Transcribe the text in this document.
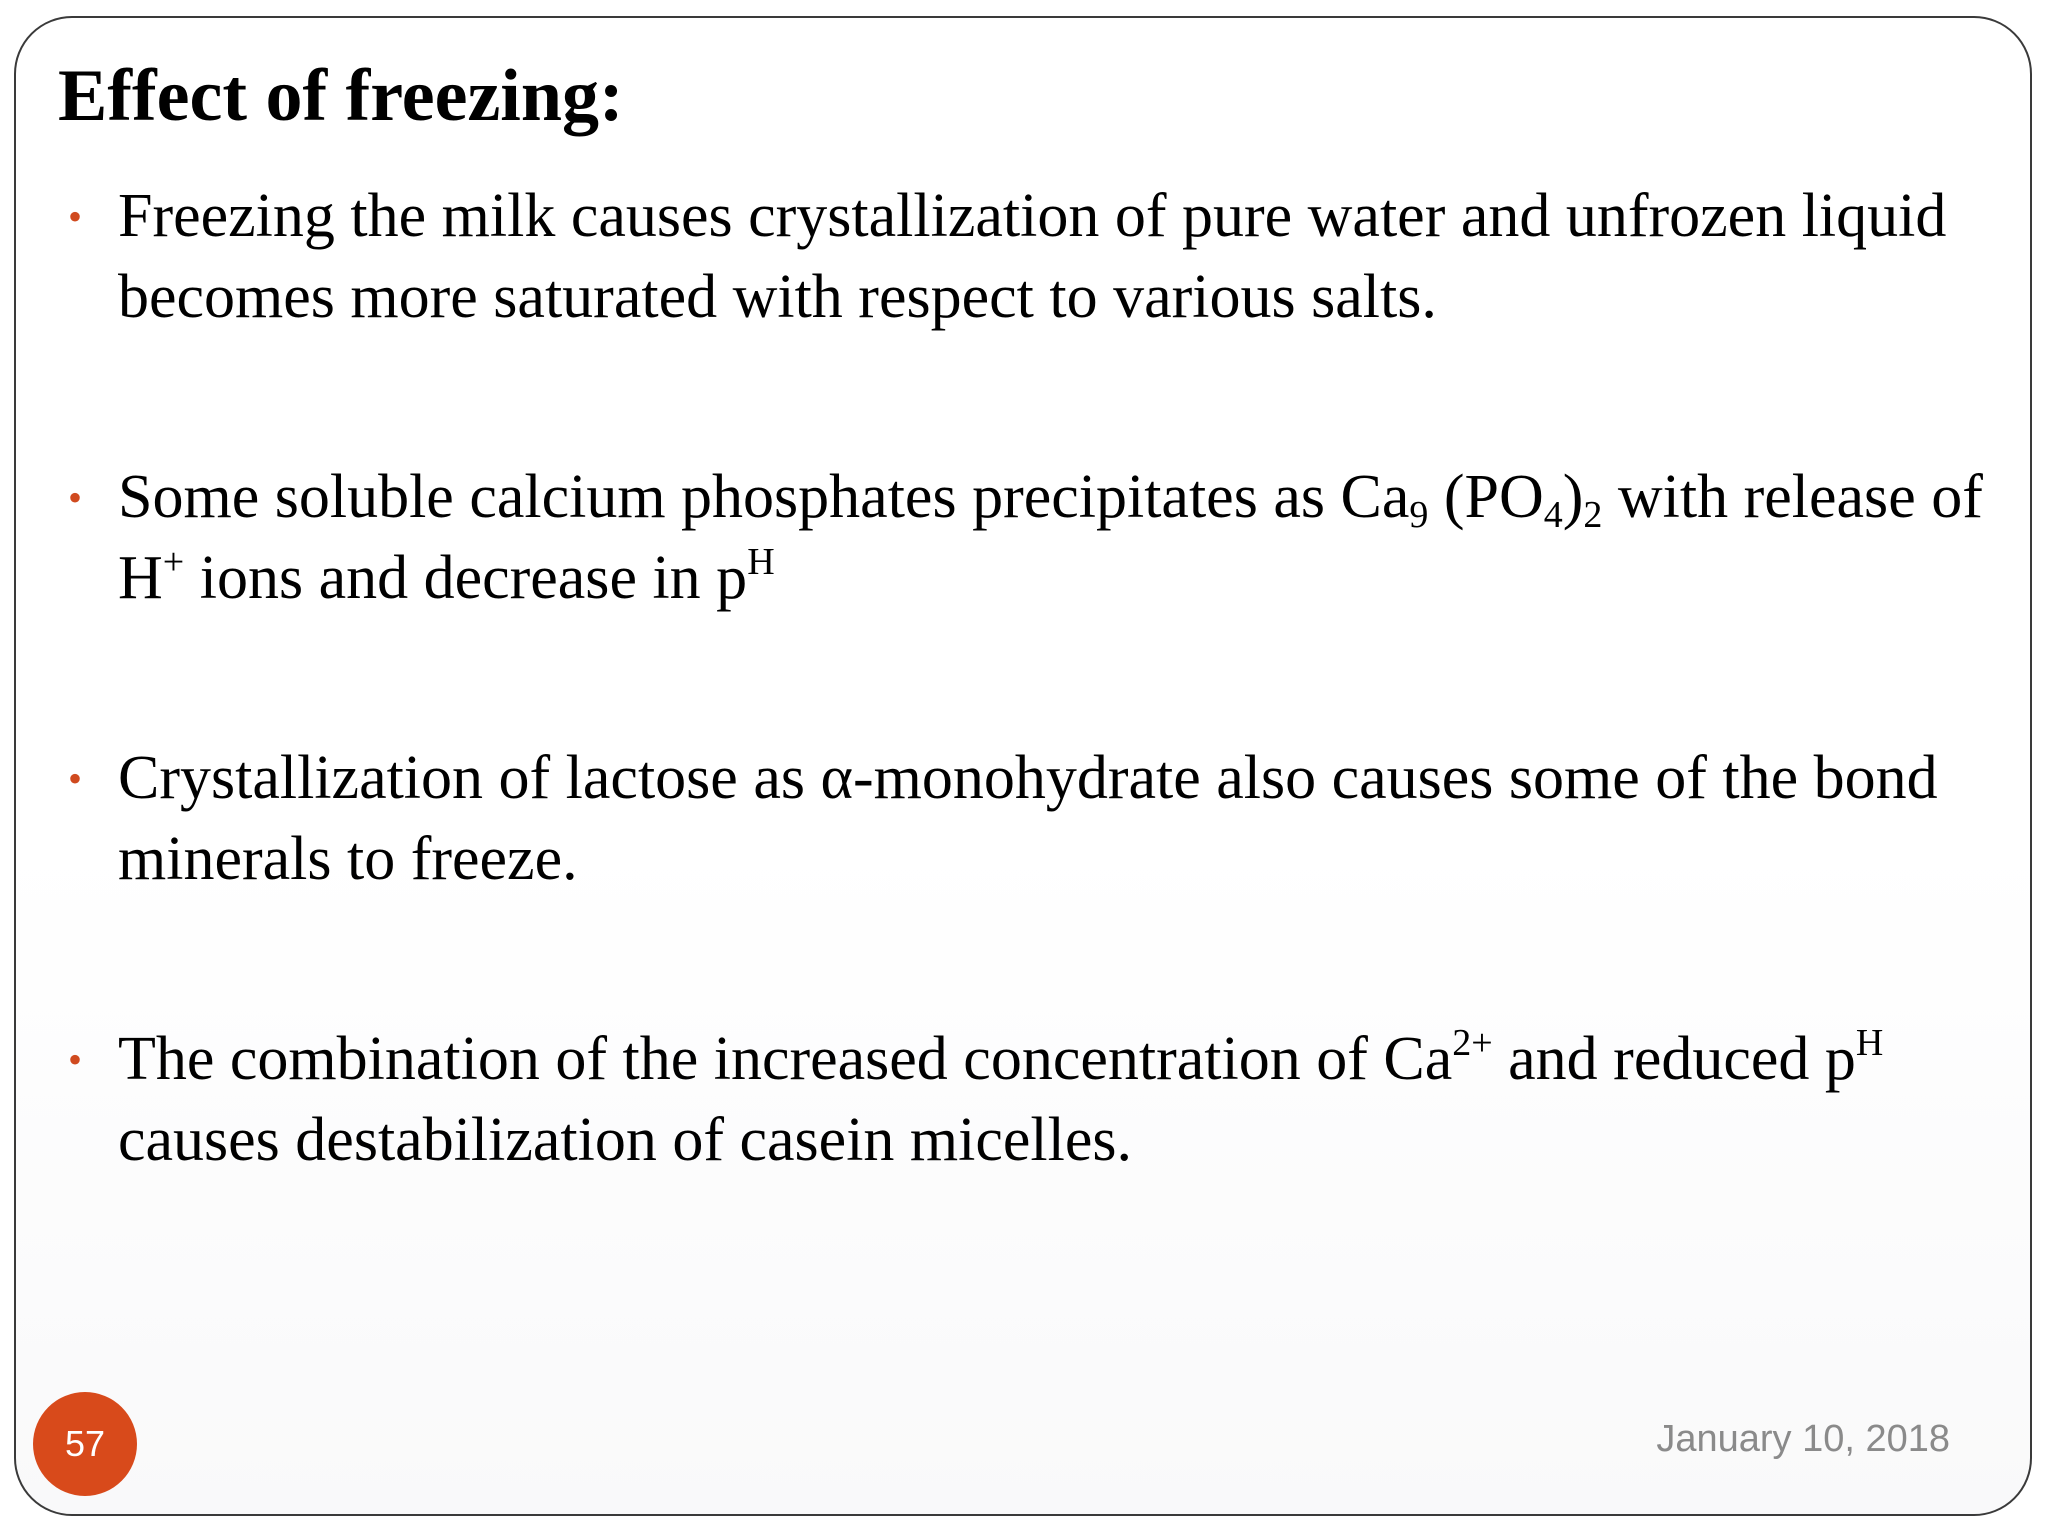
Effect of freezing:
• Freezing the milk causes crystallization of pure water and unfrozen liquid becomes more saturated with respect to various salts.
• Some soluble calcium phosphates precipitates as $Ca_9$ $(PO_4)_2$ with release of H+ ions and decrease in $p^H$
• Crystallization of lactose as α-monohydrate also causes some of the bond minerals to freeze.
• The combination of the increased concentration of $Ca^{2+}$ and reduced $p^H$ causes destabilization of casein micelles.
57	January 10, 2018
